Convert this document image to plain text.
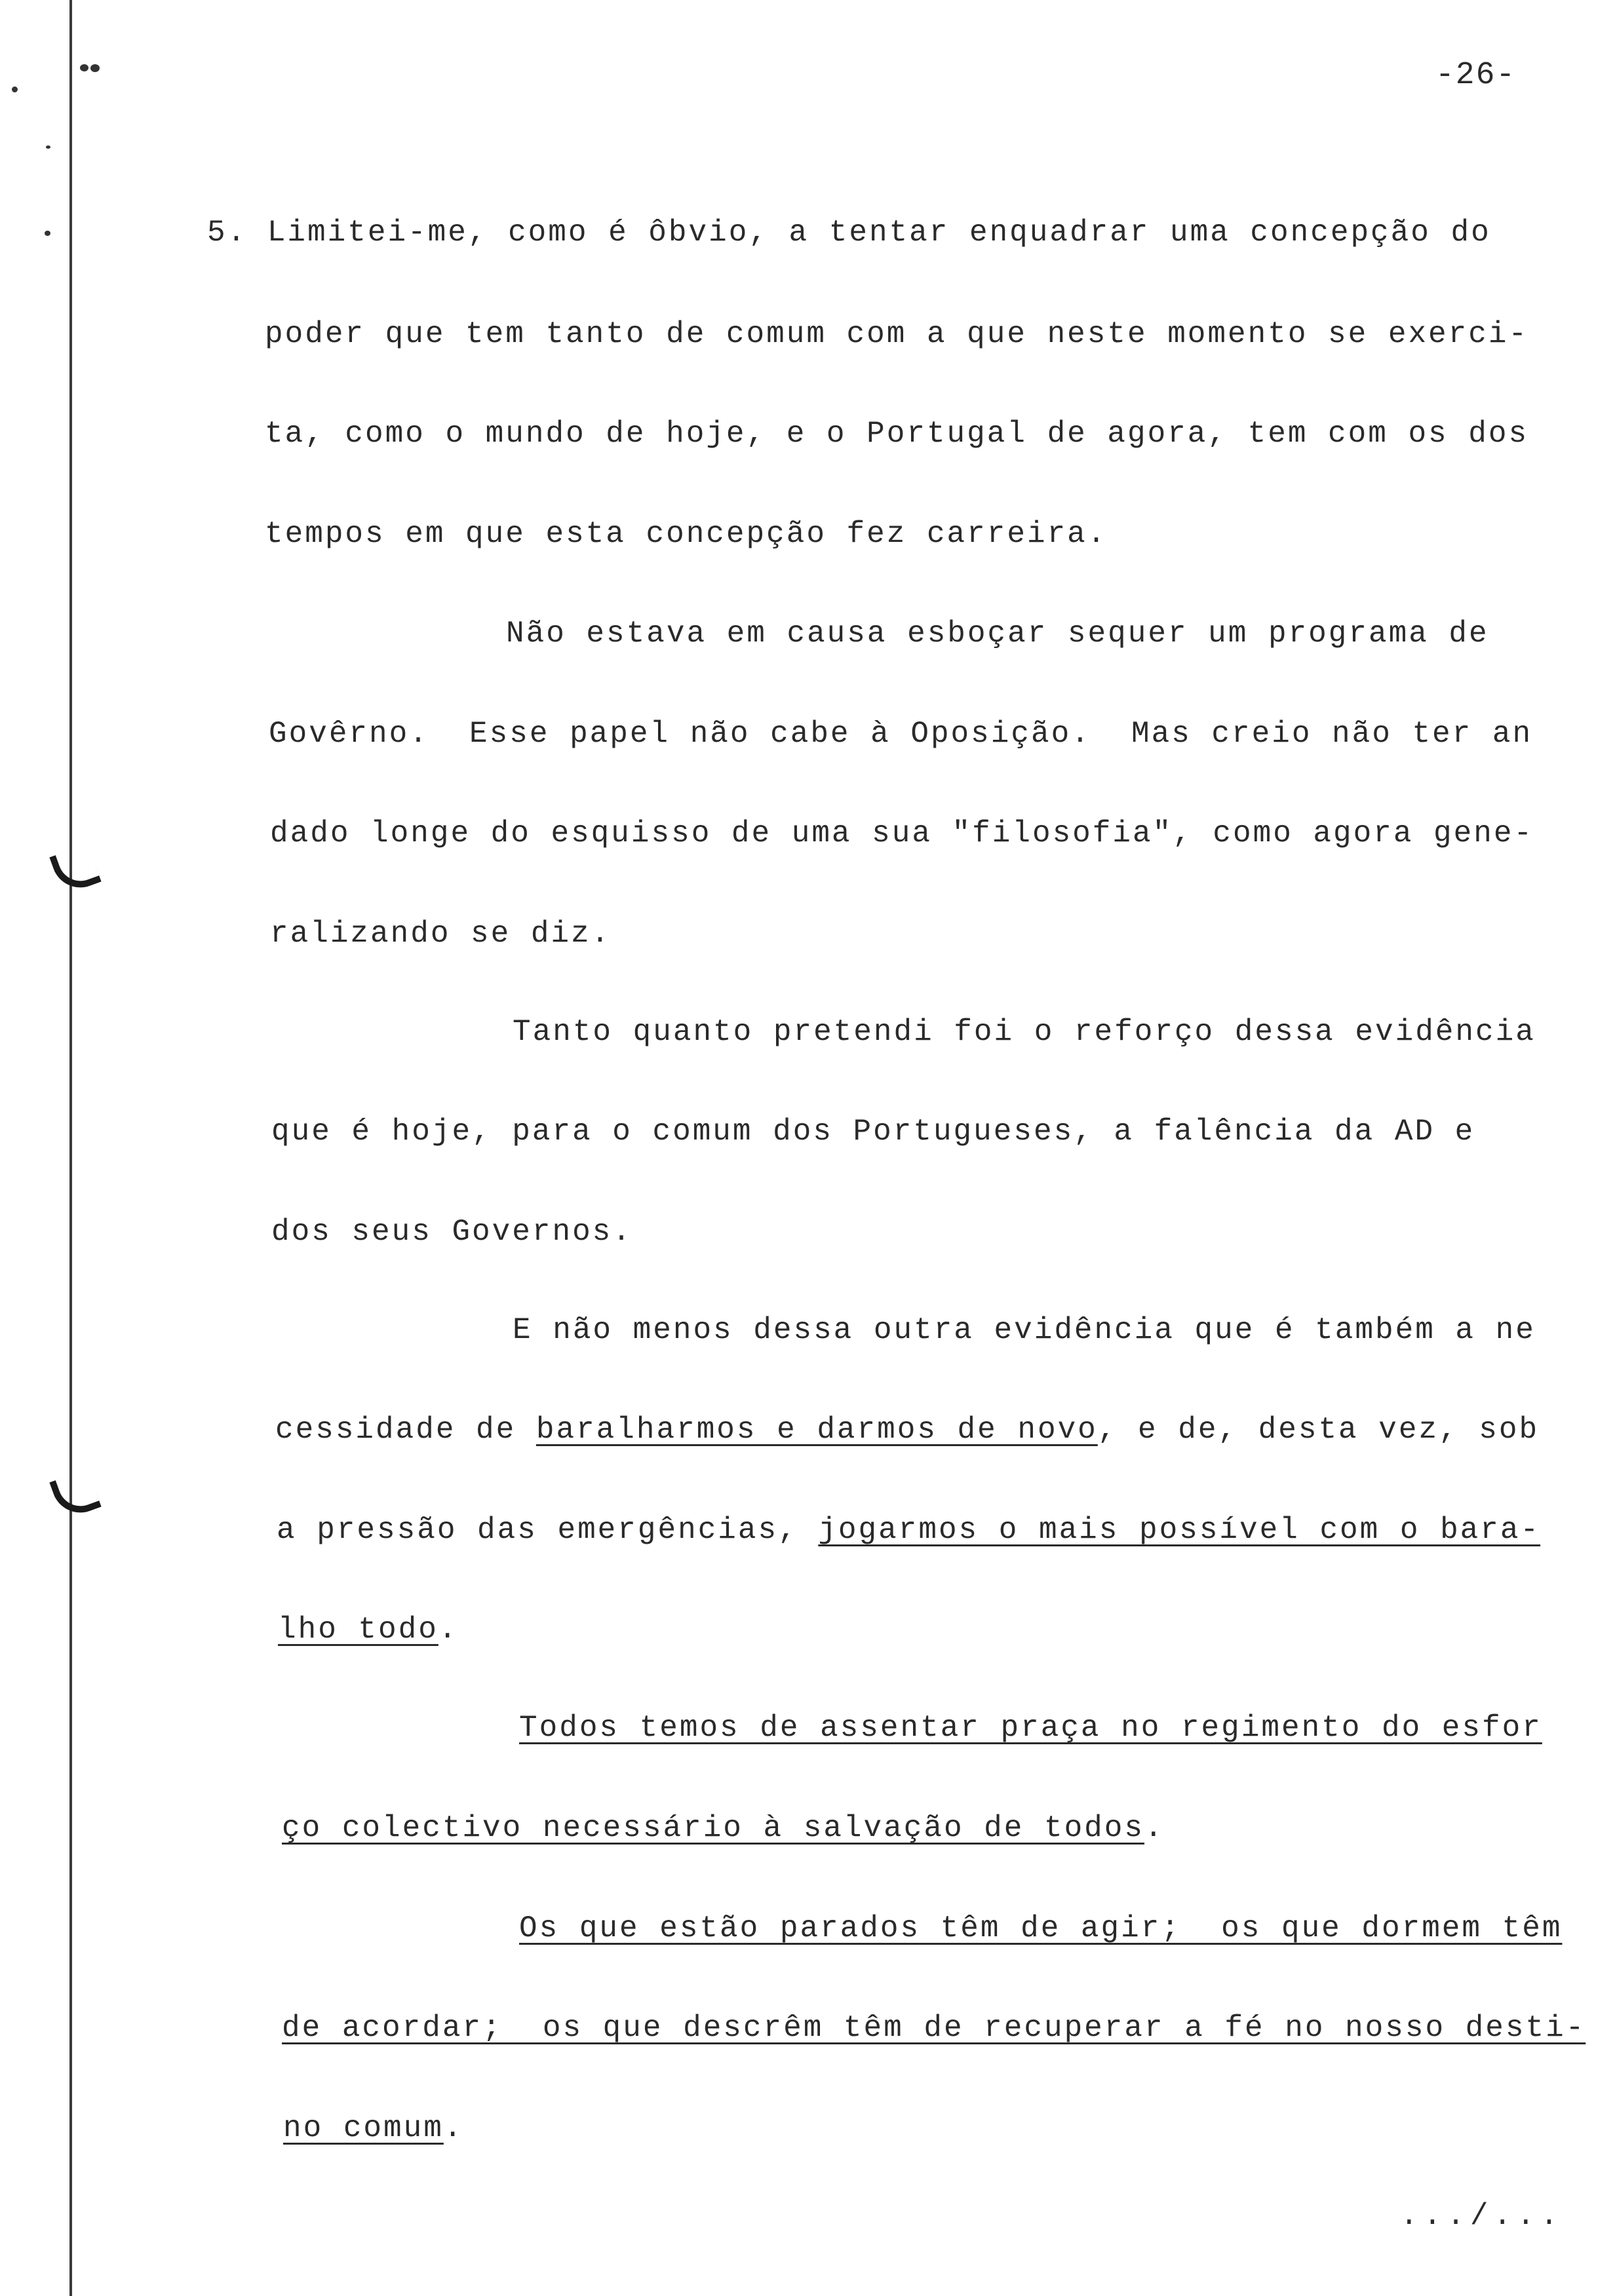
-26-
5. Limitei-me, como é ôbvio, a tentar enquadrar uma concepção do
poder que tem tanto de comum com a que neste momento se exerci-
ta, como o mundo de hoje, e o Portugal de agora, tem com os dos
tempos em que esta concepção fez carreira.
Não estava em causa esboçar sequer um programa de
Govêrno.  Esse papel não cabe à Oposição.  Mas creio não ter an
dado longe do esquisso de uma sua "filosofia", como agora gene-
ralizando se diz.
Tanto quanto pretendi foi o reforço dessa evidência
que é hoje, para o comum dos Portugueses, a falência da AD e
dos seus Governos.
E não menos dessa outra evidência que é também a ne
cessidade de baralharmos e darmos de novo, e de, desta vez, sob
a pressão das emergências, jogarmos o mais possível com o bara-
lho todo.
Todos temos de assentar praça no regimento do esfor
ço colectivo necessário à salvação de todos.
Os que estão parados têm de agir;  os que dormem têm
de acordar;  os que descrêm têm de recuperar a fé no nosso desti-
no comum.
.../...
